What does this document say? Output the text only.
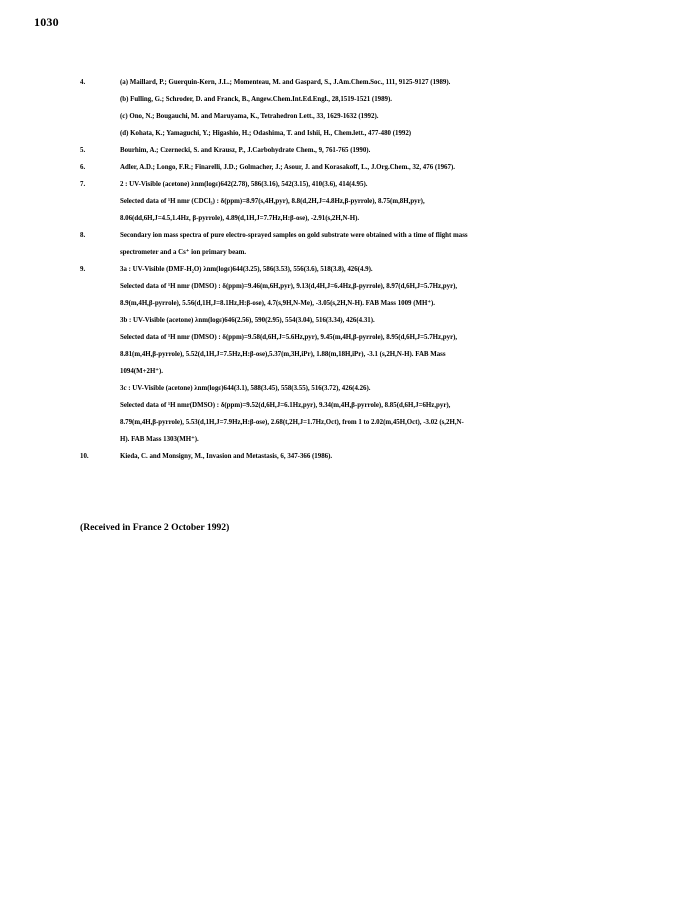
1030
4.	(a) Maillard, P.; Guerquin-Kern, J.L.; Momenteau, M. and Gaspard, S., J.Am.Chem.Soc., 111, 9125-9127 (1989).
(b) Fulling, G.; Schroder, D. and Franck, B., Angew.Chem.Int.Ed.Engl., 28,1519-1521 (1989).
(c) Ono, N.; Bougauchi, M. and Maruyama, K., Tetrahedron Lett., 33, 1629-1632 (1992).
(d) Kohata, K.; Yamaguchi, Y.; Higashio, H.; Odashima, T. and Ishii, H., Chem.lett., 477-480 (1992)
5.	Bourhim, A.; Czernecki, S. and Krausz, P., J.Carbohydrate Chem., 9, 761-765 (1990).
6.	Adler, A.D.; Longo, F.R.; Finarelli, J.D.; Golmacher, J.; Asour, J. and Korasakoff, L., J.Org.Chem., 32, 476 (1967).
7.	2 : UV-Visible (acetone) λnm(logε)642(2.78), 586(3.16), 542(3.15), 410(3.6), 414(4.95).
Selected data of ¹H nmr (CDCl₃) : δ(ppm)=8.97(s,4H,pyr), 8.8(d,2H,J=4.8Hz,β-pyrrole), 8.75(m,8H,pyr),
8.06(dd,6H,J=4.5,1.4Hz, β-pyrrole), 4.89(d,1H,J=7.7Hz,H:β-ose), -2.91(s,2H,N-H).
8.	Secondary ion mass spectra of pure electro-sprayed samples on gold substrate were obtained with a time of flight mass
spectrometer and a Cs⁺ ion primary beam.
9.	3a : UV-Visible (DMF-H₂O) λnm(logε)644(3.25), 586(3.53), 556(3.6), 518(3.8), 426(4.9).
Selected data of ¹H nmr (DMSO) : δ(ppm)=9.46(m,6H,pyr), 9.13(d,4H,J=6.4Hz,β-pyrrole), 8.97(d,6H,J=5.7Hz,pyr),
8.9(m,4H,β-pyrrole), 5.56(d,1H,J=8.1Hz,H:β-ose), 4.7(s,9H,N-Me), -3.05(s,2H,N-H). FAB Mass 1009 (MH⁺).
3b : UV-Visible (acetone) λnm(logε)646(2.56), 590(2.95), 554(3.04), 516(3.34), 426(4.31).
Selected data of ¹H nmr (DMSO) : δ(ppm)=9.58(d,6H,J=5.6Hz,pyr), 9.45(m,4H,β-pyrrole), 8.95(d,6H,J=5.7Hz,pyr),
8.81(m,4H,β-pyrrole), 5.52(d,1H,J=7.5Hz,H:β-ose),5.37(m,3H,iPr), 1.88(m,18H,iPr), -3.1 (s,2H,N-H). FAB Mass
1094(M+2H⁺).
3c : UV-Visible (acetone) λnm(logε)644(3.1), 588(3.45), 558(3.55), 516(3.72), 426(4.26).
Selected data of ¹H nmr(DMSO) : δ(ppm)=9.52(d,6H,J=6.1Hz,pyr), 9.34(m,4H,β-pyrrole), 8.85(d,6H,J=6Hz,pyr),
8.79(m,4H,β-pyrrole), 5.53(d,1H,J=7.9Hz,H:β-ose), 2.68(t,2H,J=1.7Hz,Oct), from 1 to 2.02(m,45H,Oct), -3.02 (s,2H,N-
H). FAB Mass 1303(MH⁺).
10.	Kieda, C. and Monsigny, M., Invasion and Metastasis, 6, 347-366 (1986).
(Received in France 2 October 1992)
